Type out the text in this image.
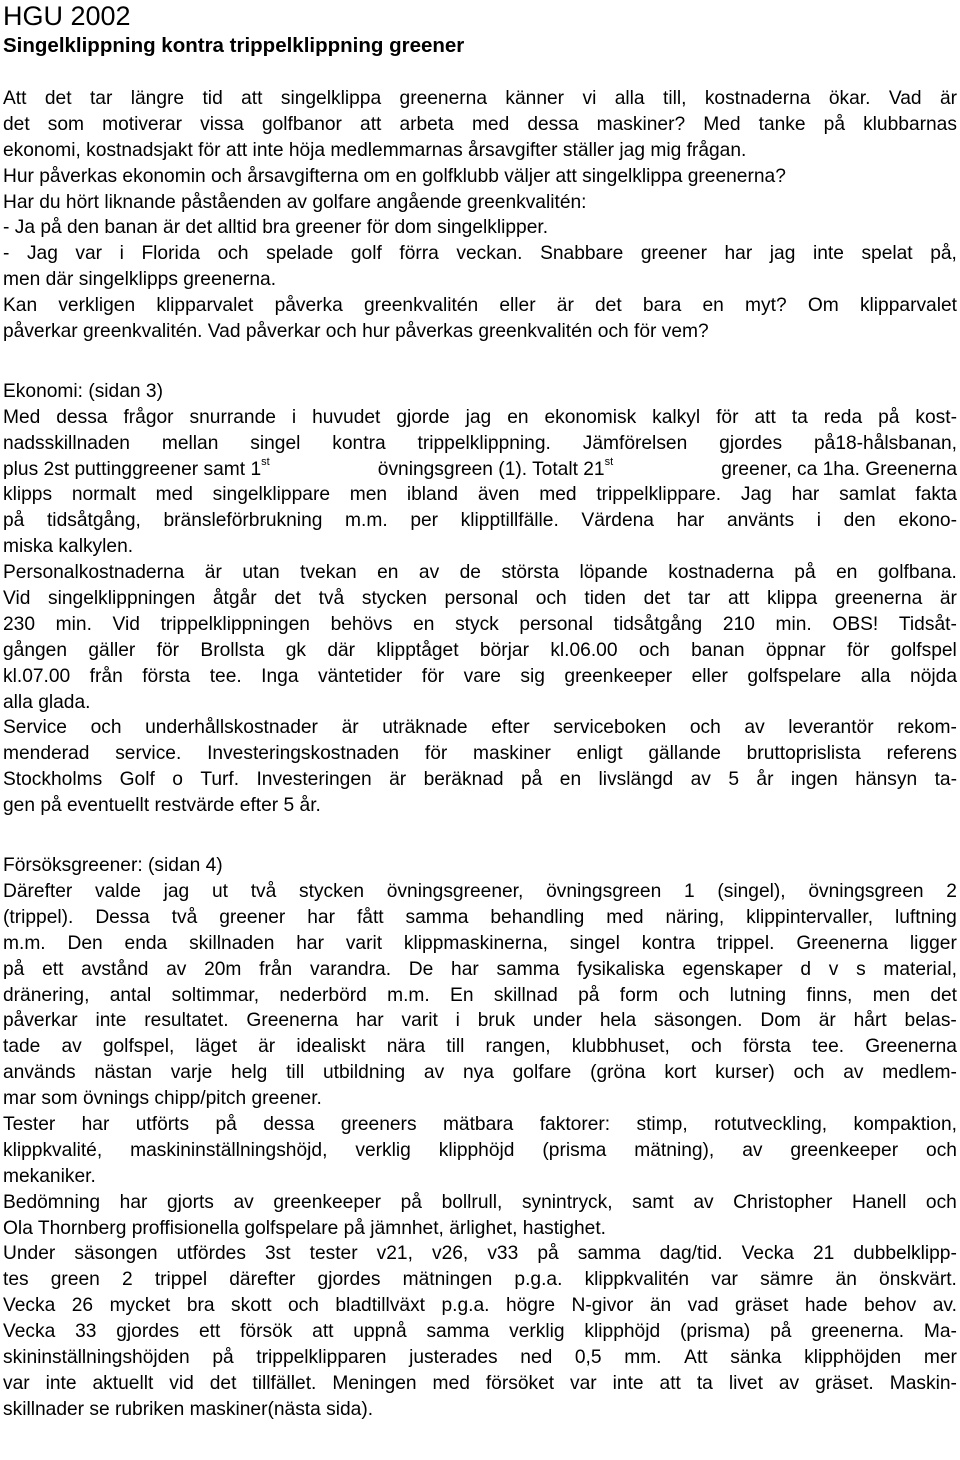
HGU 2002
Singelklippning kontra trippelklippning greener
Att det tar längre tid att singelklippa greenerna känner vi alla till, kostnaderna ökar. Vad är
det som motiverar vissa golfbanor att arbeta med dessa maskiner? Med tanke på klubbarnas
ekonomi, kostnadsjakt för att inte höja medlemmarnas årsavgifter ställer jag mig frågan.
Hur påverkas ekonomin och årsavgifterna om en golfklubb väljer att singelklippa greenerna?
Har du hört liknande påståenden av golfare angående greenkvalitén:
- Ja på den banan är det alltid bra greener för dom singelklipper.
- Jag var i Florida och spelade golf förra veckan. Snabbare greener har jag inte spelat på,
men där singelklipps greenerna.
Kan verkligen klipparvalet påverka greenkvalitén eller är det bara en myt? Om klipparvalet
påverkar greenkvalitén. Vad påverkar och hur påverkas greenkvalitén och för vem?
Ekonomi: (sidan 3)
Med dessa frågor snurrande i huvudet gjorde jag en ekonomisk kalkyl för att ta reda på kost-
nadsskillnaden mellan singel kontra trippelklippning. Jämförelsen gjordes på18-hålsbanan,
plus 2st puttinggreener samt 1st	övningsgreen (1). Totalt 21st	greener, ca 1ha. Greenerna
klipps normalt med singelklippare men ibland även med trippelklippare. Jag har samlat fakta
på tidsåtgång, bränsleförbrukning m.m. per klipptillfälle. Värdena har använts i den ekono-
miska kalkylen.
Personalkostnaderna är utan tvekan en av de största löpande kostnaderna på en golfbana.
Vid singelklippningen åtgår det två stycken personal och tiden det tar att klippa greenerna är
230 min. Vid trippelklippningen behövs en styck personal tidsåtgång 210 min. OBS! Tidsåt-
gången gäller för Brollsta gk där klipptåget börjar kl.06.00 och banan öppnar för golfspel
kl.07.00 från första tee. Inga väntetider för vare sig greenkeeper eller golfspelare alla nöjda
alla glada.
Service och underhållskostnader är uträknade efter serviceboken och av leverantör rekom-
menderad service. Investeringskostnaden för maskiner enligt gällande bruttoprislista referens
Stockholms Golf o Turf. Investeringen är beräknad på en livslängd av 5 år ingen hänsyn ta-
gen på eventuellt restvärde efter 5 år.
Försöksgreener: (sidan 4)
Därefter valde jag ut två stycken övningsgreener, övningsgreen 1 (singel), övningsgreen 2
(trippel). Dessa två greener har fått samma behandling med näring, klippintervaller, luftning
m.m. Den enda skillnaden har varit klippmaskinerna, singel kontra trippel. Greenerna ligger
på ett avstånd av 20m från varandra. De har samma fysikaliska egenskaper d v s material,
dränering, antal soltimmar, nederbörd m.m. En skillnad på form och lutning finns, men det
påverkar inte resultatet. Greenerna har varit i bruk under hela säsongen. Dom är hårt belas-
tade av golfspel, läget är idealiskt nära till rangen, klubbhuset, och första tee. Greenerna
används nästan varje helg till utbildning av nya golfare (gröna kort kurser) och av medlem-
mar som övnings chipp/pitch greener.
Tester har utförts på dessa greeners mätbara faktorer: stimp, rotutveckling, kompaktion,
klippkvalité, maskininställningshöjd, verklig klipphöjd (prisma mätning), av greenkeeper och
mekaniker.
Bedömning har gjorts av greenkeeper på bollrull, synintryck, samt av Christopher Hanell och
Ola Thornberg proffisionella golfspelare på jämnhet, ärlighet, hastighet.
Under säsongen utfördes 3st tester v21, v26, v33 på samma dag/tid. Vecka 21 dubbelklipp-
tes green 2 trippel därefter gjordes mätningen p.g.a. klippkvalitén var sämre än önskvärt.
Vecka 26 mycket bra skott och bladtillväxt p.g.a. högre N-givor än vad gräset hade behov av.
Vecka 33 gjordes ett försök att uppnå samma verklig klipphöjd (prisma) på greenerna. Ma-
skininställningshöjden på trippelklipparen justerades ned 0,5 mm. Att sänka klipphöjden mer
var inte aktuellt vid det tillfället. Meningen med försöket var inte att ta livet av gräset. Maskin-
skillnader se rubriken maskiner(nästa sida).
